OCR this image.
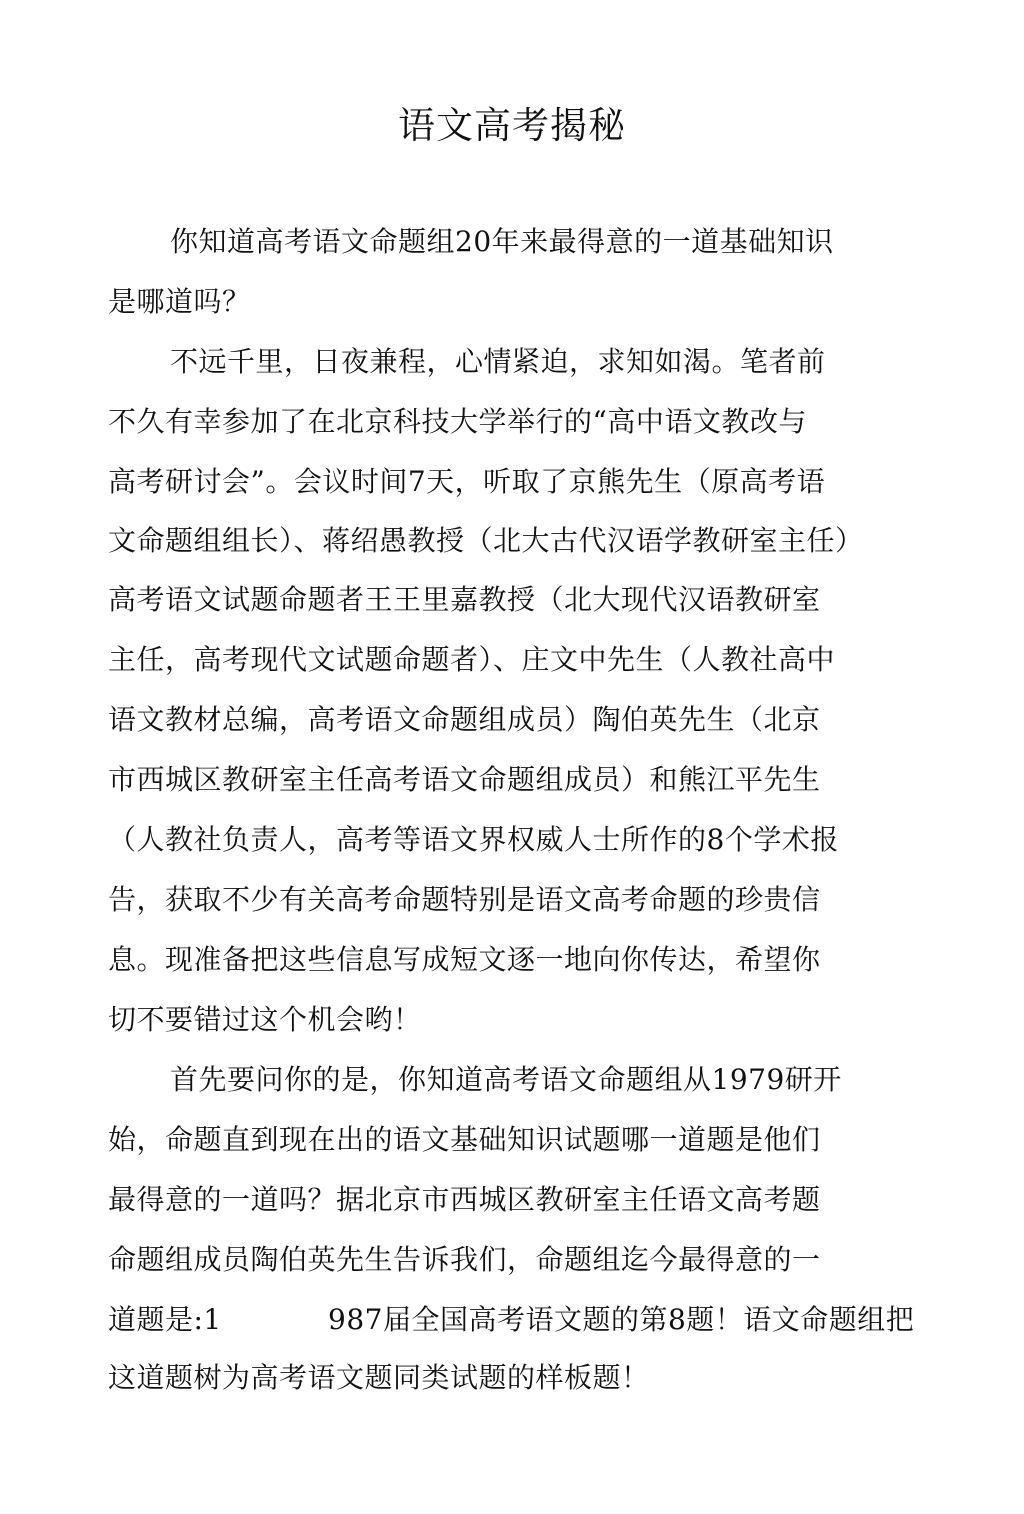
语文高考揭秘

你知道高考语文命题组20年来最得意的一道基础知识

是哪道吗？

不远千里，日夜兼程，心情紧迫，求知如渴。笔者前

不久有幸参加了在北京科技大学举行的“高中语文教改与

高考研讨会”。会议时间7天，听取了京熊先生（原高考语

文命题组组长）、蒋绍愚教授（北大古代汉语学教研室主任）

高考语文试题命题者王王里嘉教授（北大现代汉语教研室

主任，高考现代文试题命题者）、庄文中先生（人教社高中

语文教材总编，高考语文命题组成员）陶伯英先生（北京

市西城区教研室主任高考语文命题组成员）和熊江平先生

（人教社负责人，高考等语文界权威人士所作的8个学术报

告，获取不少有关高考命题特别是语文高考命题的珍贵信

息。现准备把这些信息写成短文逐一地向你传达，希望你

切不要错过这个机会哟！

首先要问你的是，你知道高考语文命题组从1979研开

始，命题直到现在出的语文基础知识试题哪一道题是他们

最得意的一道吗？据北京市西城区教研室主任语文高考题

命题组成员陶伯英先生告诉我们，命题组迄今最得意的一

道题是:1	987届全国高考语文题的第8题！语文命题组把

这道题树为高考语文题同类试题的样板题！
